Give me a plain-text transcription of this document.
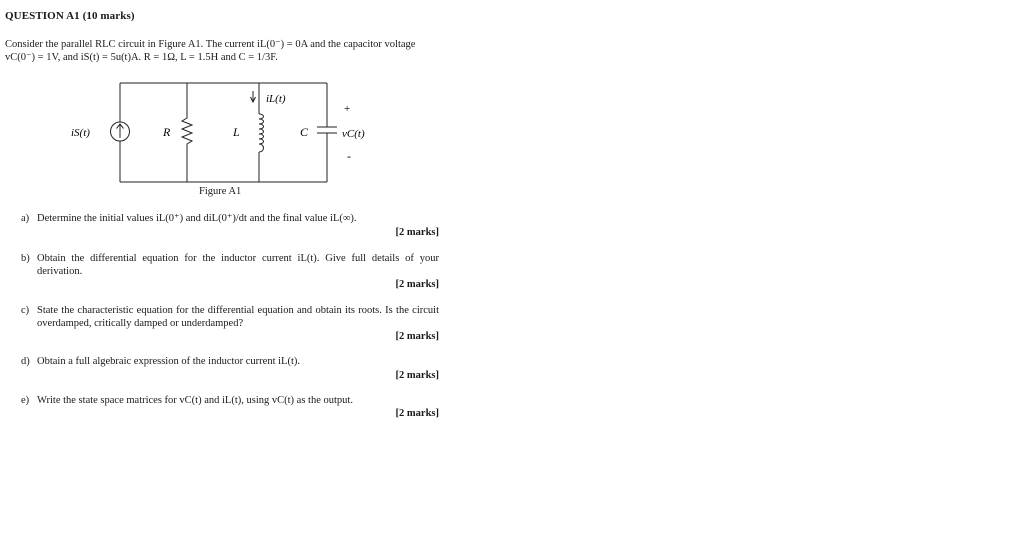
QUESTION A1 (10 marks)
Consider the parallel RLC circuit in Figure A1. The current iL(0⁻) = 0A and the capacitor voltage
vC(0⁻) = 1V, and iS(t) = 5u(t)A. R = 1Ω, L = 1.5H and C = 1/3F.
iS(t)	R	L	C
iL(t)
+
vC(t)
-
Figure A1
a) Determine the initial values iL(0⁺) and diL(0⁺)/dt and the final value iL(∞).
[2 marks]
b) Obtain the differential equation for the inductor current iL(t). Give full details of your derivation.
[2 marks]
c) State the characteristic equation for the differential equation and obtain its roots. Is the circuit overdamped, critically damped or underdamped?
[2 marks]
d) Obtain a full algebraic expression of the inductor current iL(t).
[2 marks]
e) Write the state space matrices for vC(t) and iL(t), using vC(t) as the output.
[2 marks]
